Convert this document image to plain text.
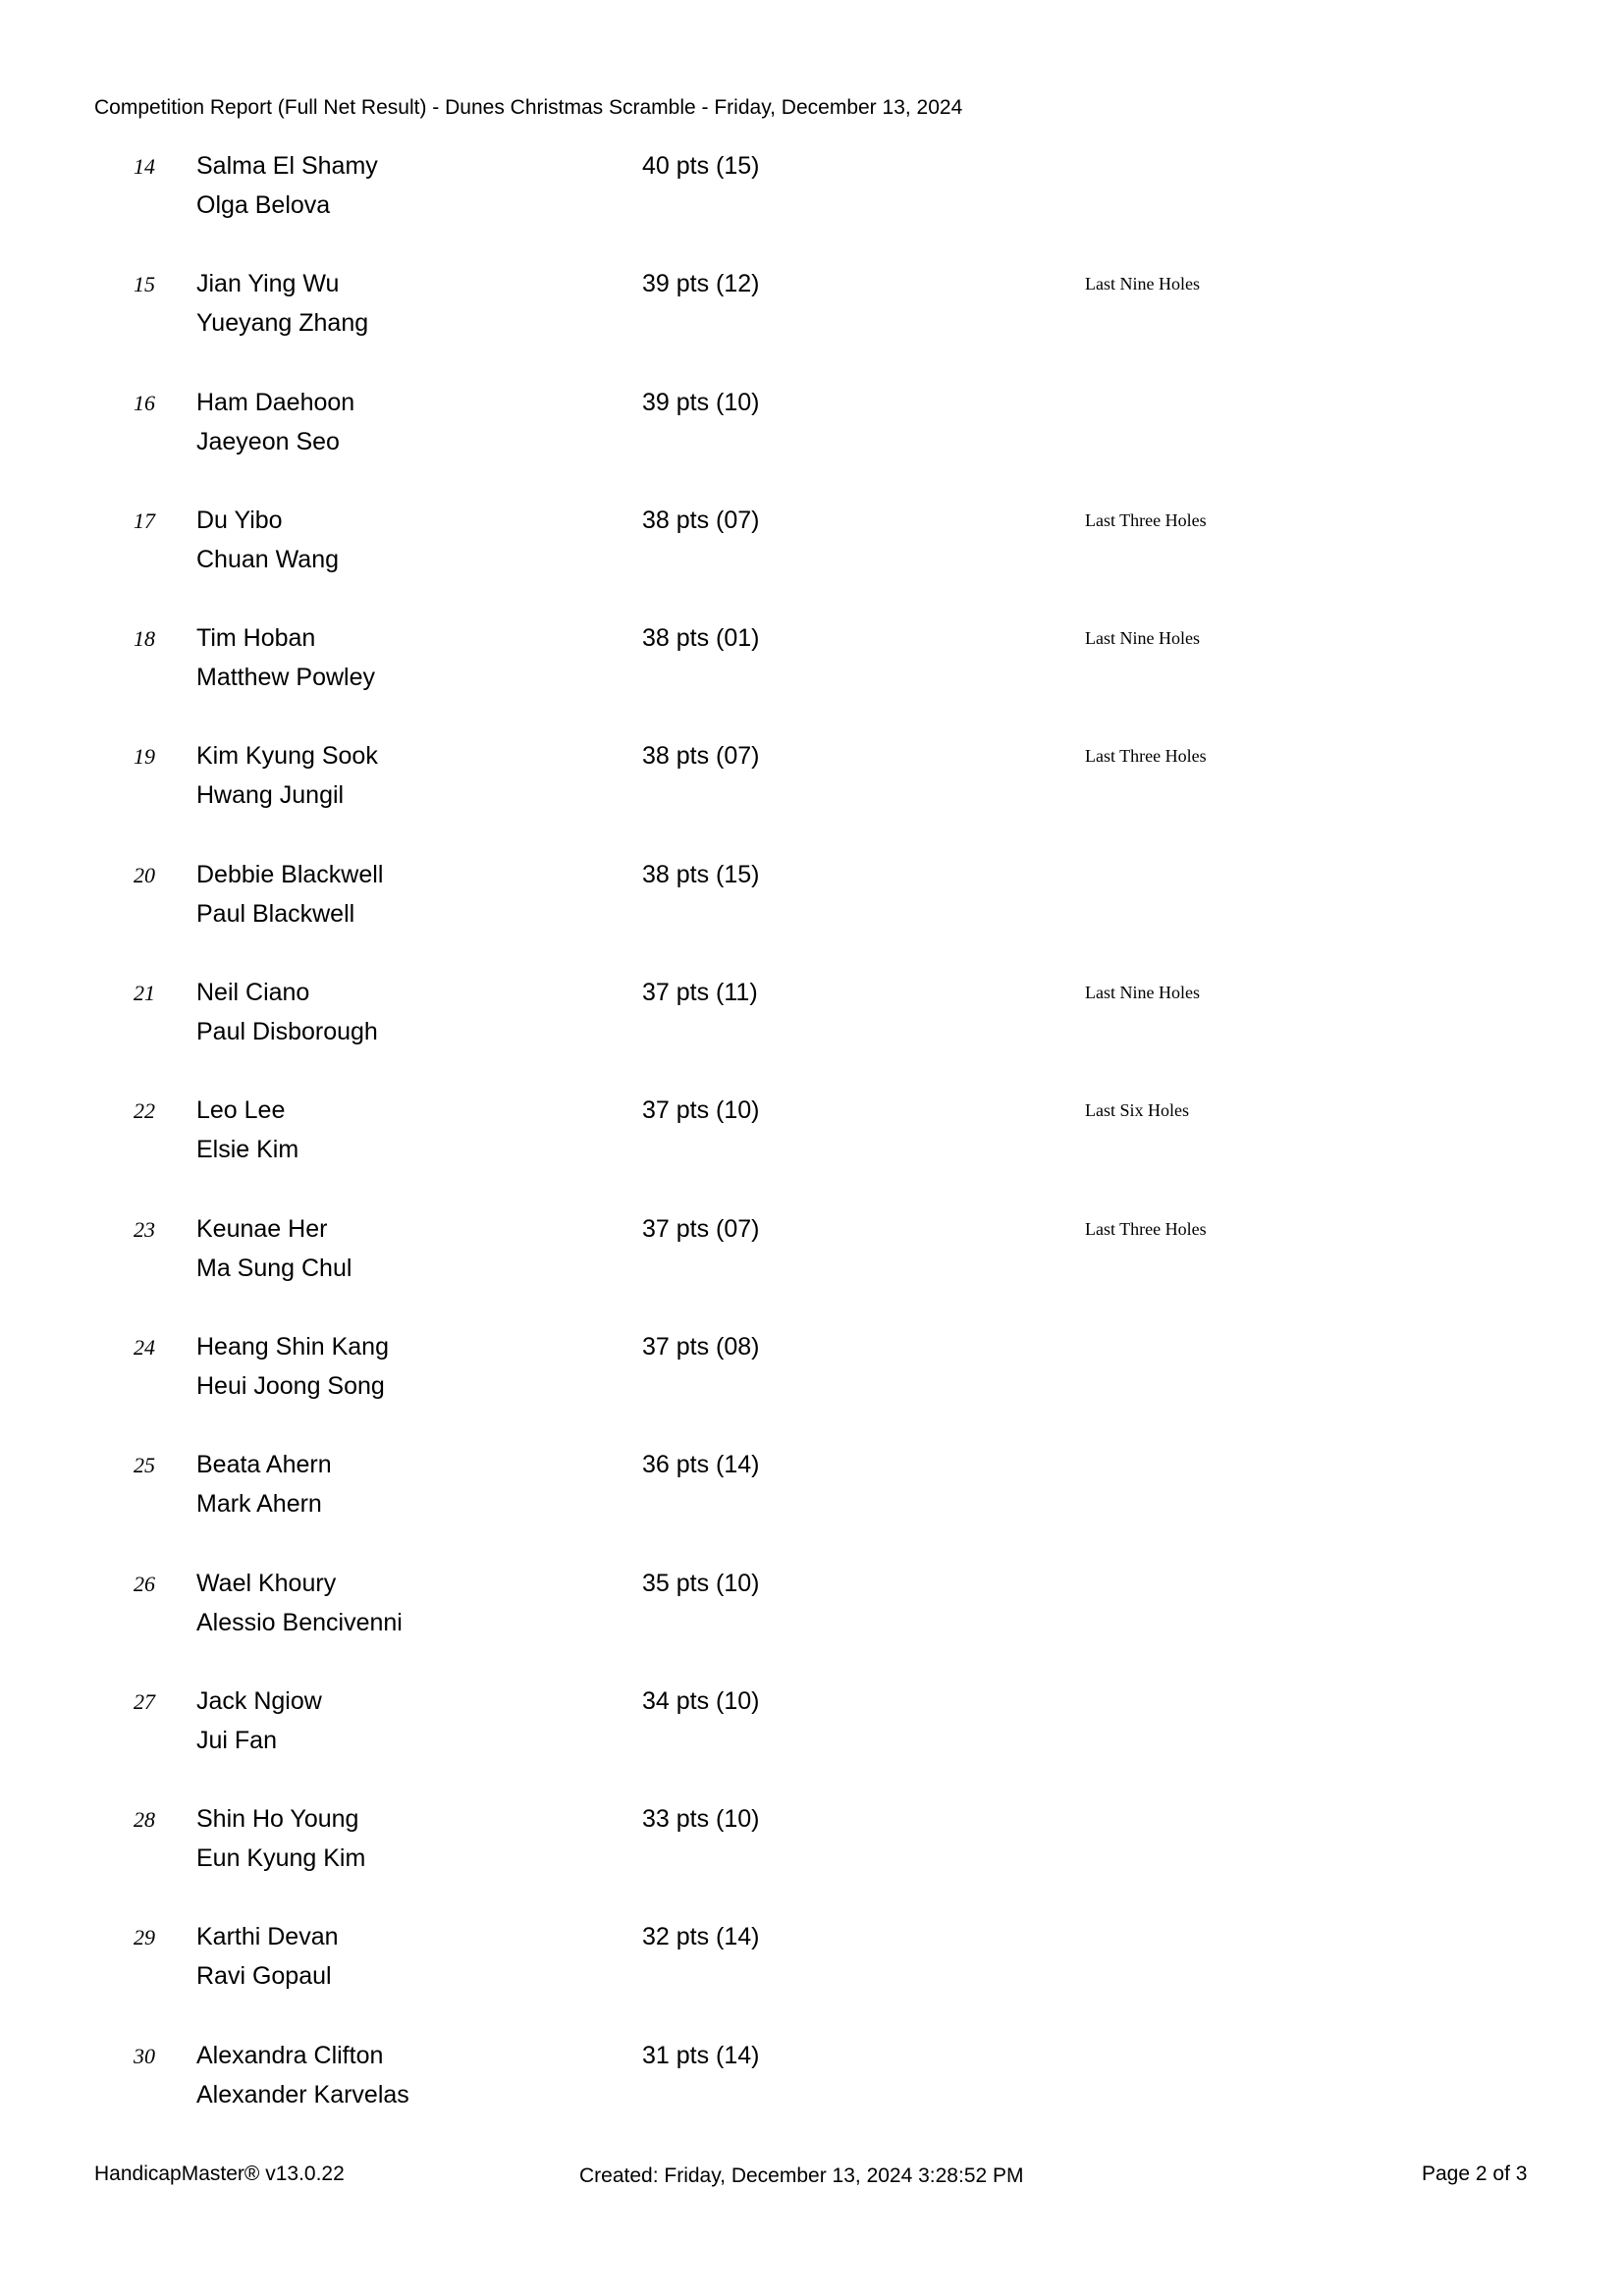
Competition Report (Full Net Result) - Dunes Christmas Scramble - Friday, December 13, 2024
14 Salma El Shamy
Olga Belova
40 pts (15)
15 Jian Ying Wu
Yueyang Zhang
39 pts (12)	Last Nine Holes
16 Ham Daehoon
Jaeyeon Seo
39 pts (10)
17 Du Yibo
Chuan Wang
38 pts (07)	Last Three Holes
18 Tim Hoban
Matthew Powley
38 pts (01)	Last Nine Holes
19 Kim Kyung Sook
Hwang Jungil
38 pts (07)	Last Three Holes
20 Debbie Blackwell
Paul Blackwell
38 pts (15)
21 Neil Ciano
Paul Disborough
37 pts (11)	Last Nine Holes
22 Leo Lee
Elsie Kim
37 pts (10)	Last Six Holes
23 Keunae Her
Ma Sung Chul
37 pts (07)	Last Three Holes
24 Heang Shin Kang
Heui Joong Song
37 pts (08)
25 Beata Ahern
Mark Ahern
36 pts (14)
26 Wael Khoury
Alessio Bencivenni
35 pts (10)
27 Jack Ngiow
Jui Fan
34 pts (10)
28 Shin Ho Young
Eun Kyung Kim
33 pts (10)
29 Karthi Devan
Ravi Gopaul
32 pts (14)
30 Alexandra Clifton
Alexander Karvelas
31 pts (14)
HandicapMaster® v13.0.22	Created: Friday, December 13, 2024 3:28:52 PM	Page 2 of 3
